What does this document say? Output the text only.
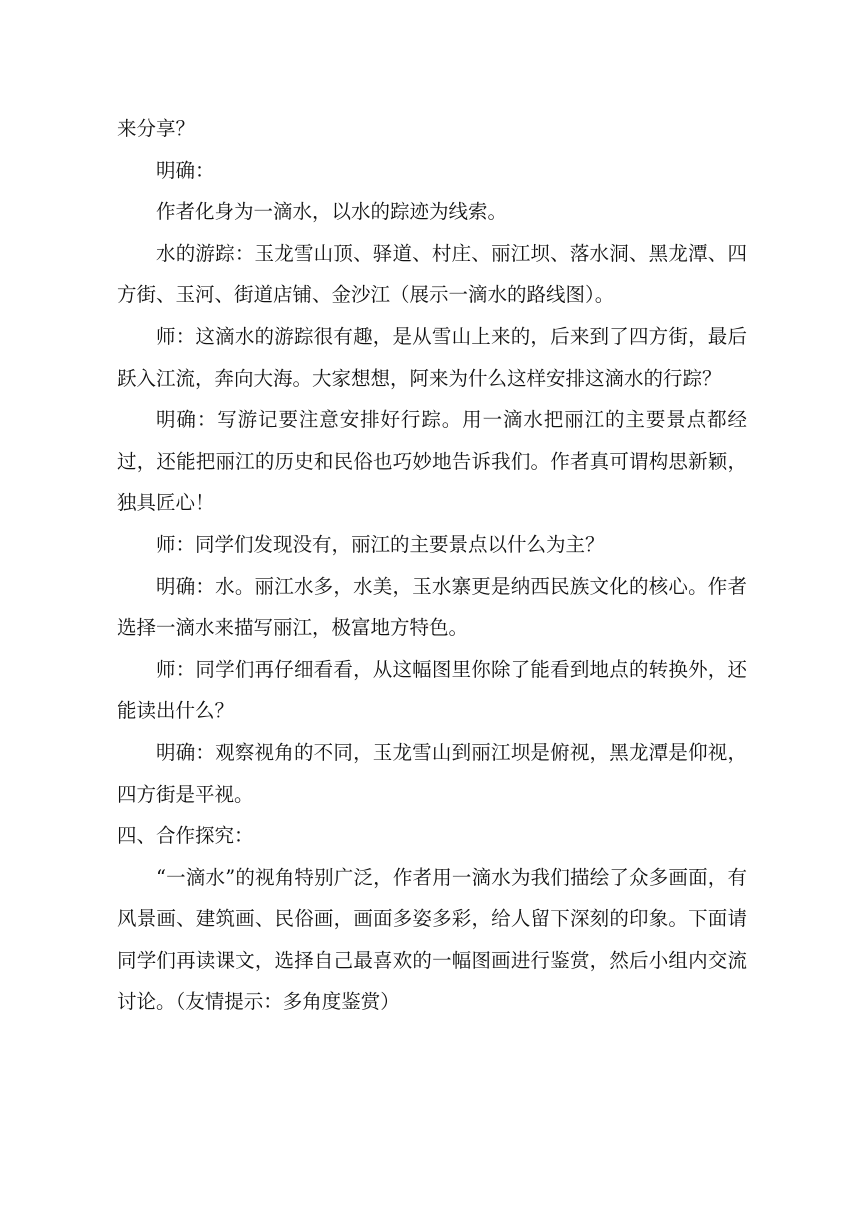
来分享？

明确：

作者化身为一滴水，以水的踪迹为线索。

水的游踪：玉龙雪山顶、驿道、村庄、丽江坝、落水洞、黑龙潭、四方街、玉河、街道店铺、金沙江（展示一滴水的路线图）。

师：这滴水的游踪很有趣，是从雪山上来的，后来到了四方街，最后跃入江流，奔向大海。大家想想，阿来为什么这样安排这滴水的行踪？

明确：写游记要注意安排好行踪。用一滴水把丽江的主要景点都经过，还能把丽江的历史和民俗也巧妙地告诉我们。作者真可谓构思新颖，独具匠心！

师：同学们发现没有，丽江的主要景点以什么为主？

明确：水。丽江水多，水美，玉水寨更是纳西民族文化的核心。作者选择一滴水来描写丽江，极富地方特色。

师：同学们再仔细看看，从这幅图里你除了能看到地点的转换外，还能读出什么？

明确：观察视角的不同，玉龙雪山到丽江坝是俯视，黑龙潭是仰视，四方街是平视。

四、合作探究：

“一滴水”的视角特别广泛，作者用一滴水为我们描绘了众多画面，有风景画、建筑画、民俗画，画面多姿多彩，给人留下深刻的印象。下面请同学们再读课文，选择自己最喜欢的一幅图画进行鉴赏，然后小组内交流讨论。（友情提示：多角度鉴赏）
